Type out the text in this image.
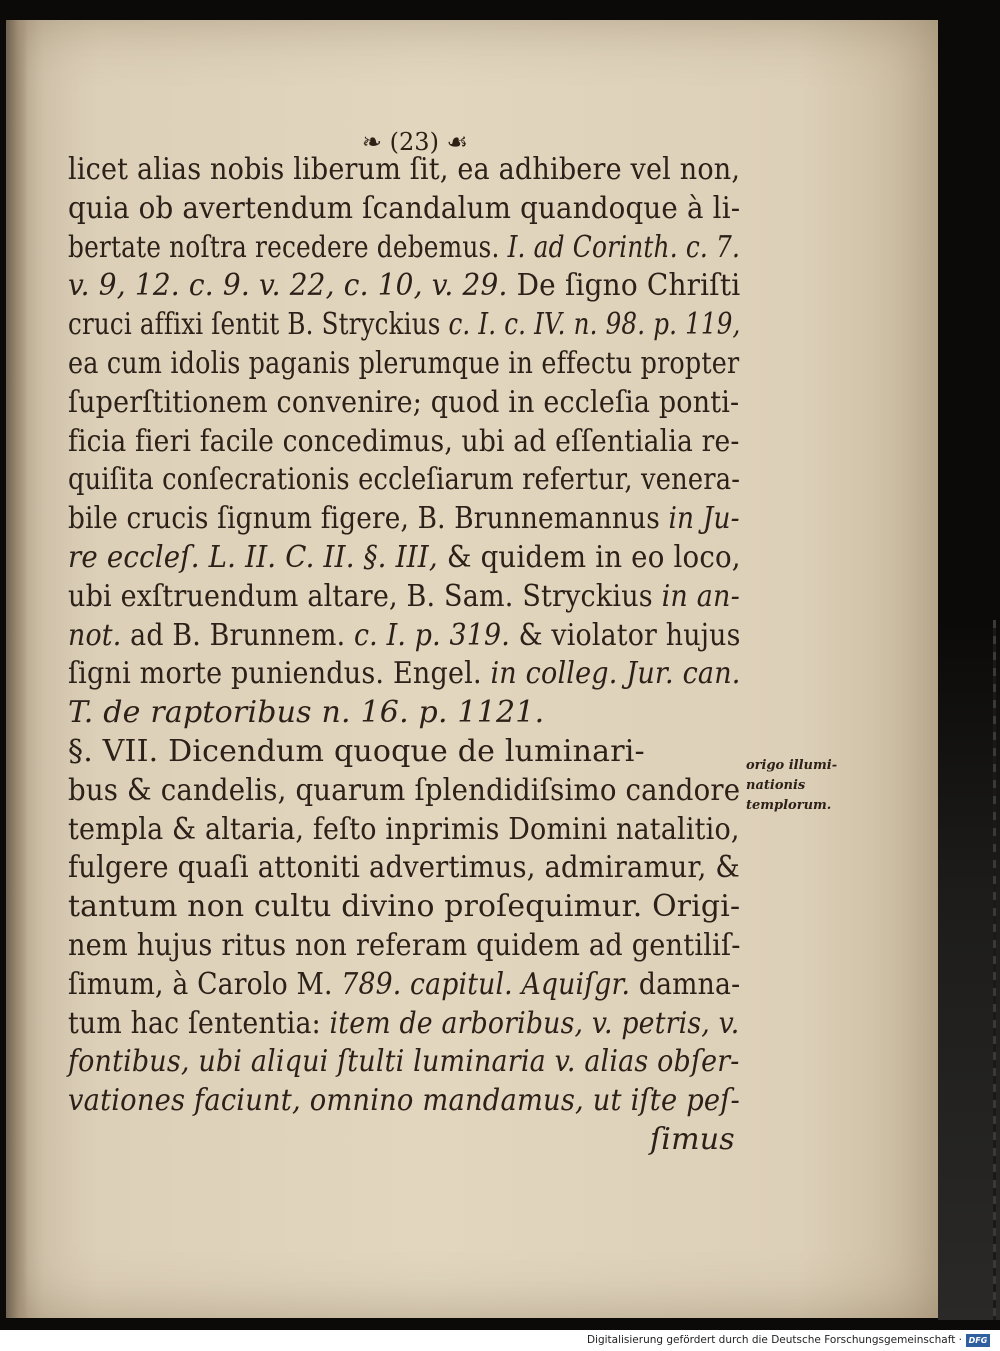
❧ (23) ☙
licet alias nobis liberum ſit, ea adhibere vel non,
quia ob avertendum ſcandalum quandoque à li-
bertate noſtra recedere debemus. I. ad Corinth. c. 7.
v. 9, 12. c. 9. v. 22, c. 10, v. 29. De ſigno Chriſti
cruci affixi ſentit B. Stryckius c. I. c. IV. n. 98. p. 119,
ea cum idolis paganis plerumque in effectu propter
ſuperſtitionem convenire; quod in eccleſia ponti-
ficia fieri facile concedimus, ubi ad eſſentialia re-
quiſita conſecrationis eccleſiarum refertur, venera-
bile crucis ſignum figere, B. Brunnemannus in Ju-
re eccleſ. L. II. C. II. §. III, & quidem in eo loco,
ubi exſtruendum altare, B. Sam. Stryckius in an-
not. ad B. Brunnem. c. I. p. 319. & violator hujus
ſigni morte puniendus. Engel. in colleg. Jur. can.
T. de raptoribus n. 16. p. 1121.
§. VII. Dicendum quoque de luminari-
bus & candelis, quarum ſplendidiſsimo candore
templa & altaria, feſto inprimis Domini natalitio,
fulgere quaſi attoniti advertimus, admiramur, &
tantum non cultu divino proſequimur. Origi-
nem hujus ritus non referam quidem ad gentiliſ-
ſimum, à Carolo M. 789. capitul. Aquiſgr. damna-
tum hac ſententia: item de arboribus, v. petris, v.
fontibus, ubi aliqui ſtulti luminaria v. alias obſer-
vationes faciunt, omnino mandamus, ut iſte peſ-
ſimus
origo illumi-
nationis
templorum.
Digitalisierung gefördert durch die Deutsche Forschungsgemeinschaft · DFG
